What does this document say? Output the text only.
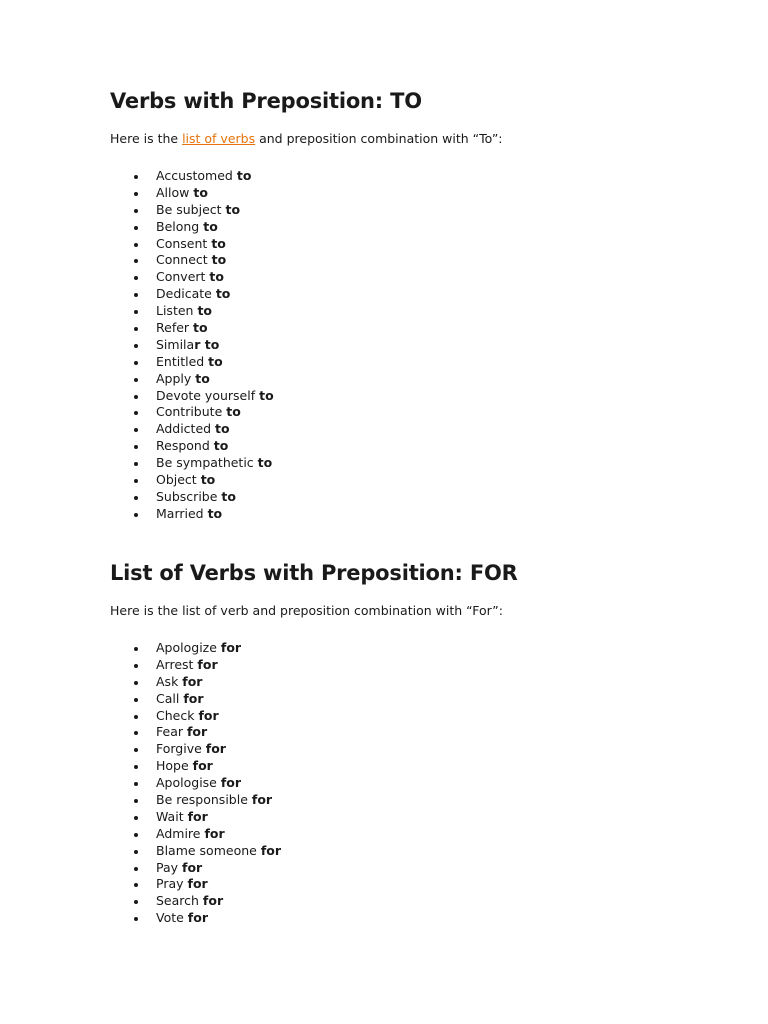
Verbs with Preposition: TO

Here is the list of verbs and preposition combination with “To”:

Accustomed to
Allow to
Be subject to
Belong to
Consent to
Connect to
Convert to
Dedicate to
Listen to
Refer to
Similar to
Entitled to
Apply to
Devote yourself to
Contribute to
Addicted to
Respond to
Be sympathetic to
Object to
Subscribe to
Married to
List of Verbs with Preposition: FOR

Here is the list of verb and preposition combination with “For”:

Apologize for
Arrest for
Ask for
Call for
Check for
Fear for
Forgive for
Hope for
Apologise for
Be responsible for
Wait for
Admire for
Blame someone for
Pay for
Pray for
Search for
Vote for
